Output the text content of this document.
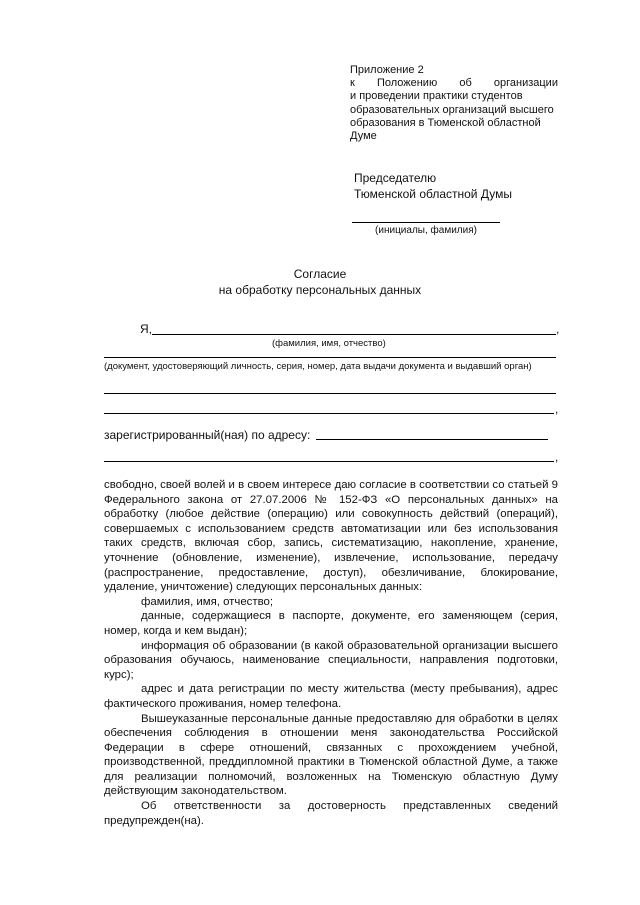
Приложение 2
к Положению об организации
и проведении практики студентов
образовательных организаций высшего
образования в Тюменской областной
Думе
Председателю
Тюменской областной Думы
(инициалы, фамилия)
Согласие
на обработку персональных данных
Я,	,
(фамилия, имя, отчество)
(документ, удостоверяющий личность, серия, номер, дата выдачи документа и выдавший орган)
,
зарегистрированный(ная) по адресу:
,

свободно, своей волей и в своем интересе даю согласие в соответствии со статьей 9 Федерального закона от 27.07.2006 № 152-ФЗ «О персональных данных» на обработку (любое действие (операцию) или совокупность действий (операций), совершаемых с использованием средств автоматизации или без использования таких средств, включая сбор, запись, систематизацию, накопление, хранение, уточнение (обновление, изменение), извлечение, использование, передачу (распространение, предоставление, доступ), обезличивание, блокирование, удаление, уничтожение) следующих персональных данных:

фамилия, имя, отчество;

данные, содержащиеся в паспорте, документе, его заменяющем (серия, номер, когда и кем выдан);

информация об образовании (в какой образовательной организации высшего образования обучаюсь, наименование специальности, направления подготовки, курс);

адрес и дата регистрации по месту жительства (месту пребывания), адрес фактического проживания, номер телефона.

Вышеуказанные персональные данные предоставляю для обработки в целях обеспечения соблюдения в отношении меня законодательства Российской Федерации в сфере отношений, связанных с прохождением учебной, производственной, преддипломной практики в Тюменской областной Думе, а также для реализации полномочий, возложенных на Тюменскую областную Думу действующим законодательством.

Об ответственности за достоверность представленных сведений предупрежден(на).
